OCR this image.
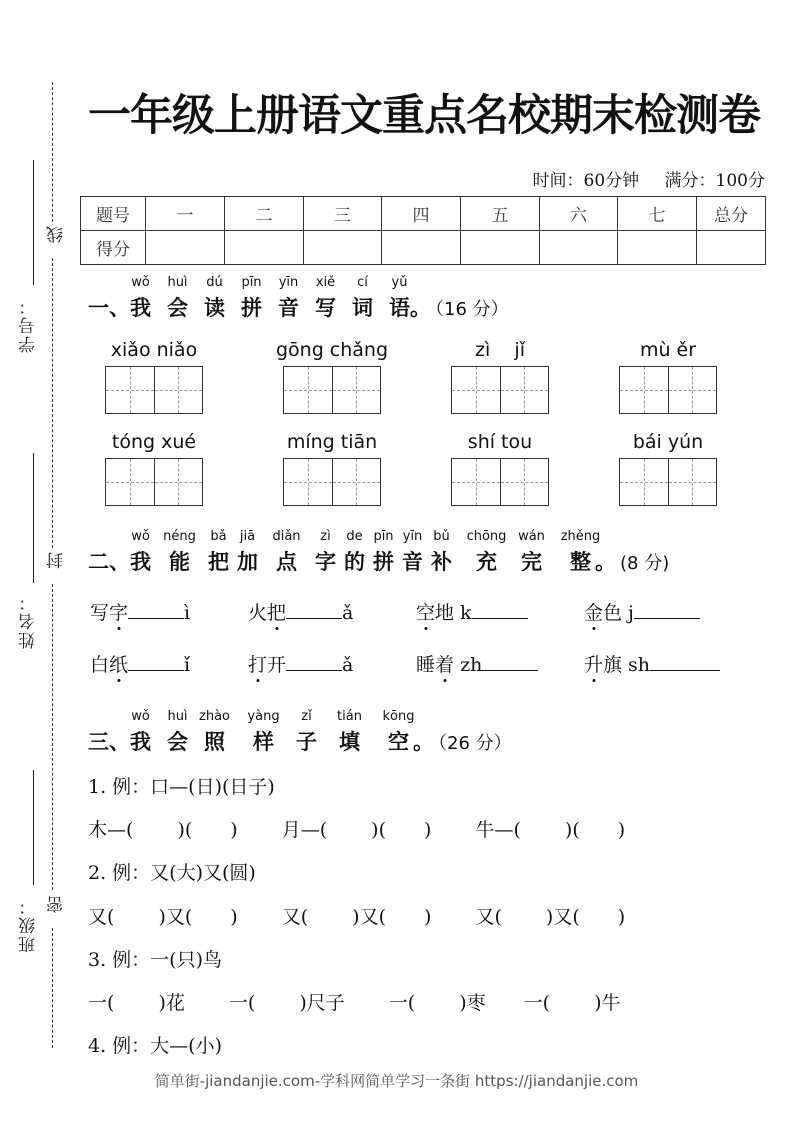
线
封
密
学号：
姓名：
班级：
一年级上册语文重点名校期末检测卷
时间：60分钟 满分：100分
题号	一	二	三	四	五	六	七	总分
得分								
一、
wǒ
我
huì
会
dú
读
pīn
拼
yīn
音
xiě
写
cí
词
yǔ
语。 （16 分）
xiǎo niǎo	gōng chǎng	zì    jǐ	mù ěr
tóng xué	míng tiān	shí tou	bái yún
二、
wǒ
我
néng
能
bǎ
把
jiā
加
diǎn
点
zì
字
de
的
pīn
拼
yīn
音
bǔ
补
chōng
充
wán
完
zhěng
整 。 (8 分)
写字	ì	火把	ǎ	空地 k	金色 j
白纸	ǐ	打开	ǎ	睡着 zh	升旗 sh
三、
wǒ
我
huì
会
zhào
照
yàng
样
zǐ
子
tián
填
kōng
空 。 （26 分）
1. 例：口—(日)(日子)
木—(　　 )(　　)　　 月—(　　 )(　　)　　 牛—(　　 )(　　)
2. 例：又(大)又(圆)
又(　　 )又(　　)　　 又(　　 )又(　　)　　 又(　　 )又(　　)
3. 例：一(只)鸟
一(　　 )花　　 一(　　 )尺子　　 一(　　 )枣　　一(　　 )牛
4. 例：大—(小)
简单街-jiandanjie.com-学科网简单学习一条街 https://jiandanjie.com
